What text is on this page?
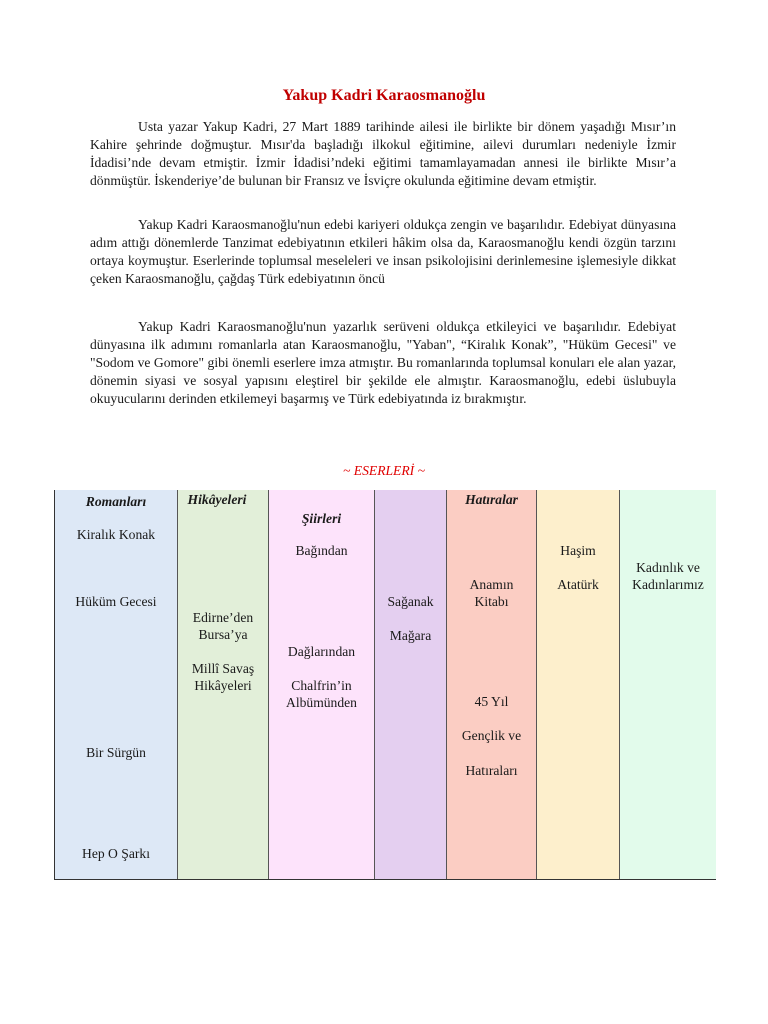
Yakup Kadri Karaosmanoğlu

Usta yazar Yakup Kadri, 27 Mart 1889 tarihinde ailesi ile birlikte bir dönem yaşadığı Mısır’ın Kahire şehrinde doğmuştur. Mısır'da başladığı ilkokul eğitimine, ailevi durumları nedeniyle İzmir İdadisi’nde devam etmiştir. İzmir İdadisi’ndeki eğitimi tamamlayamadan annesi ile birlikte Mısır’a dönmüştür. İskenderiye’de bulunan bir Fransız ve İsviçre okulunda eğitimine devam etmiştir.

Yakup Kadri Karaosmanoğlu'nun edebi kariyeri oldukça zengin ve başarılıdır. Edebiyat dünyasına adım attığı dönemlerde Tanzimat edebiyatının etkileri hâkim olsa da, Karaosmanoğlu kendi özgün tarzını ortaya koymuştur. Eserlerinde toplumsal meseleleri ve insan psikolojisini derinlemesine işlemesiyle dikkat çeken Karaosmanoğlu, çağdaş Türk edebiyatının öncü

Yakup Kadri Karaosmanoğlu'nun yazarlık serüveni oldukça etkileyici ve başarılıdır. Edebiyat dünyasına ilk adımını romanlarla atan Karaosmanoğlu, "Yaban", “Kiralık Konak”, "Hüküm Gecesi" ve "Sodom ve Gomore" gibi önemli eserlere imza atmıştır. Bu romanlarında toplumsal konuları ele alan yazar, dönemin siyasi ve sosyal yapısını eleştirel bir şekilde ele almıştır. Karaosmanoğlu, edebi üslubuyla okuyucularını derinden etkilemeyi başarmış ve Türk edebiyatında iz bırakmıştır.

~ ESERLERİ ~
Romanları
Kiralık Konak
Hüküm Gecesi
Bir Sürgün
Hep O Şarkı
Hikâyeleri
Edirne’den Bursa’ya
Millî Savaş Hikâyeleri
Şiirleri
Bağından
Dağlarından
Chalfrin’in Albümünden
Sağanak
Mağara
Hatıralar
Anamın Kitabı
45 Yıl
Gençlik ve
Hatıraları
Haşim
Atatürk
Kadınlık ve Kadınlarımız
